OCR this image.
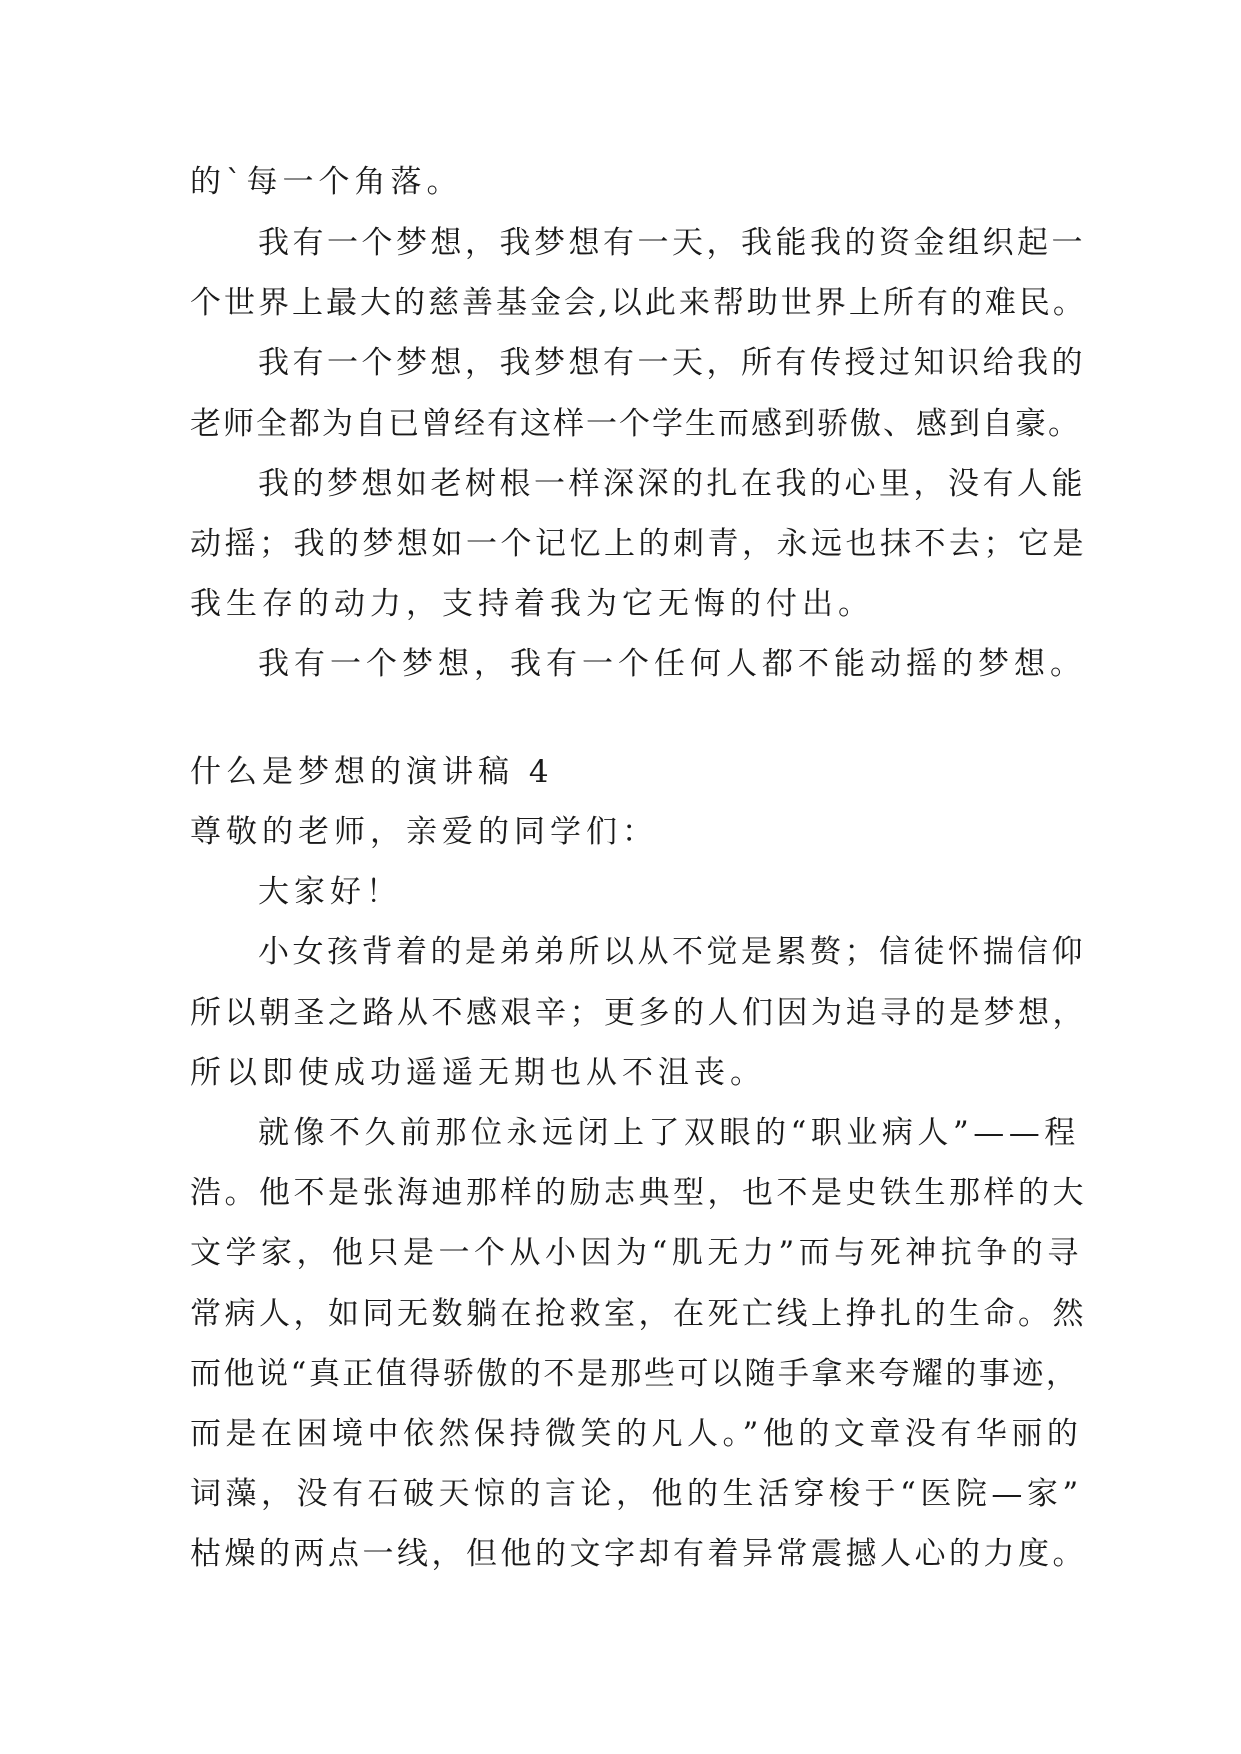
的`每一个角落。
我有一个梦想，我梦想有一天，我能我的资金组织起一
个世界上最大的慈善基金会,以此来帮助世界上所有的难民。
我有一个梦想，我梦想有一天，所有传授过知识给我的
老师全都为自已曾经有这样一个学生而感到骄傲、感到自豪。
我的梦想如老树根一样深深的扎在我的心里，没有人能
动摇；我的梦想如一个记忆上的刺青，永远也抹不去；它是
我生存的动力，支持着我为它无悔的付出。
我有一个梦想，我有一个任何人都不能动摇的梦想。
什么是梦想的演讲稿 4
尊敬的老师，亲爱的同学们：
大家好！
小女孩背着的是弟弟所以从不觉是累赘；信徒怀揣信仰
所以朝圣之路从不感艰辛；更多的人们因为追寻的是梦想，
所以即使成功遥遥无期也从不沮丧。
就像不久前那位永远闭上了双眼的“职业病人”——程
浩。他不是张海迪那样的励志典型，也不是史铁生那样的大
文学家，他只是一个从小因为“肌无力”而与死神抗争的寻
常病人，如同无数躺在抢救室，在死亡线上挣扎的生命。然
而他说“真正值得骄傲的不是那些可以随手拿来夸耀的事迹，
而是在困境中依然保持微笑的凡人。”他的文章没有华丽的
词藻，没有石破天惊的言论，他的生活穿梭于“医院—家”
枯燥的两点一线，但他的文字却有着异常震撼人心的力度。
